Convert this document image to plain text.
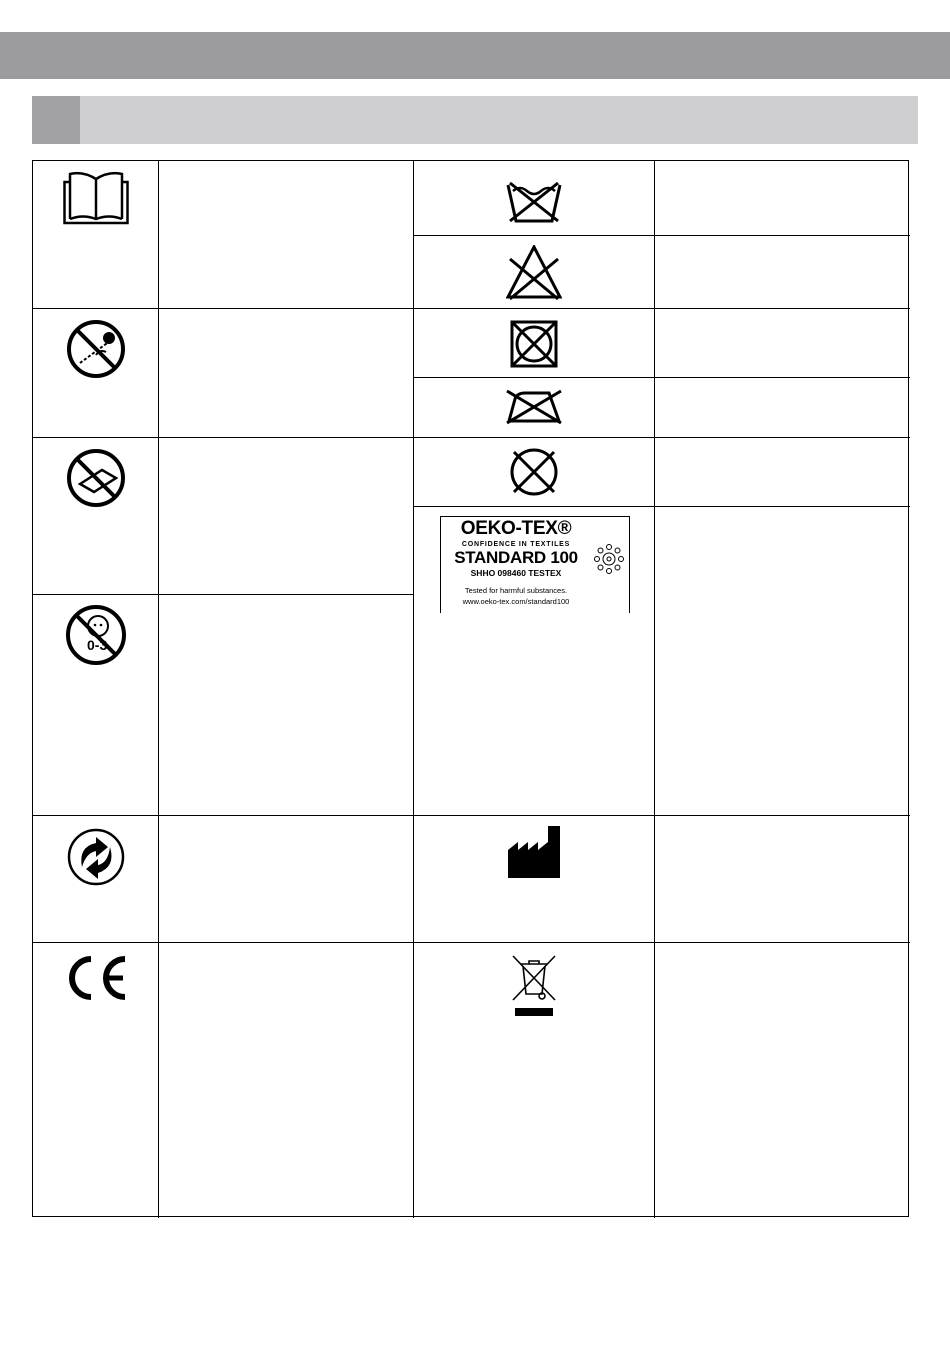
0-3
OEKO-TEX®
CONFIDENCE IN TEXTILES
STANDARD 100
SHHO 098460 TESTEX
Tested for harmful substances.
www.oeko-tex.com/standard100
